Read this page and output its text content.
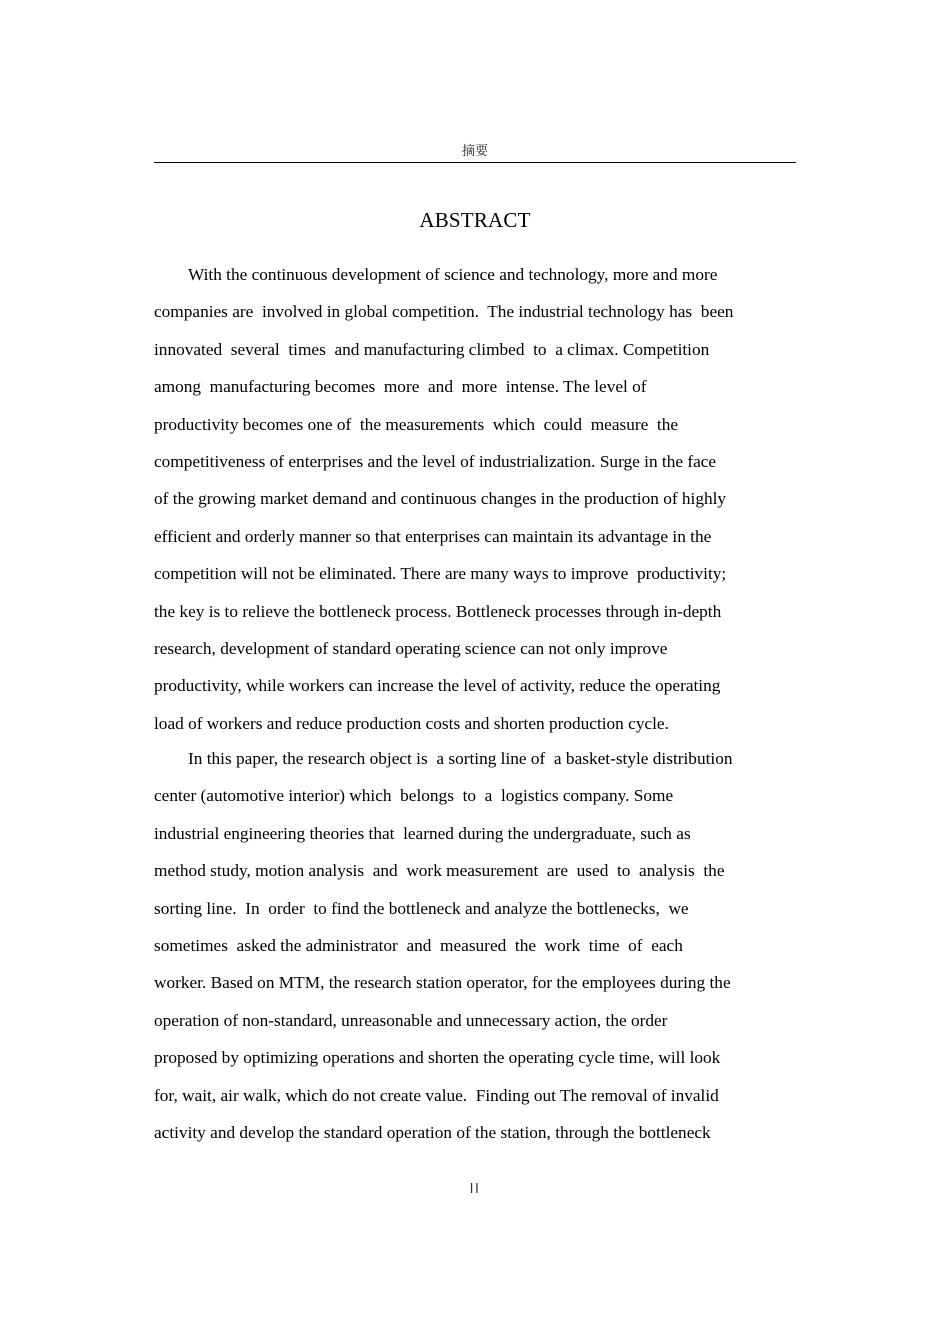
摘要
ABSTRACT
With the continuous development of science and technology, more and more
companies are  involved in global competition.  The industrial technology has  been
innovated  several  times  and manufacturing climbed  to  a climax. Competition
among  manufacturing becomes  more  and  more  intense. The level of
productivity becomes one of  the measurements  which  could  measure  the
competitiveness of enterprises and the level of industrialization. Surge in the face
of the growing market demand and continuous changes in the production of highly
efficient and orderly manner so that enterprises can maintain its advantage in the
competition will not be eliminated. There are many ways to improve  productivity;
the key is to relieve the bottleneck process. Bottleneck processes through in-depth
research, development of standard operating science can not only improve
productivity, while workers can increase the level of activity, reduce the operating
load of workers and reduce production costs and shorten production cycle.
In this paper, the research object is  a sorting line of  a basket-style distribution
center (automotive interior) which  belongs  to  a  logistics company. Some
industrial engineering theories that  learned during the undergraduate, such as
method study, motion analysis  and  work measurement  are  used  to  analysis  the
sorting line.  In  order  to find the bottleneck and analyze the bottlenecks,  we
sometimes  asked the administrator  and  measured  the  work  time  of  each
worker. Based on MTM, the research station operator, for the employees during the
operation of non-standard, unreasonable and unnecessary action, the order
proposed by optimizing operations and shorten the operating cycle time, will look
for, wait, air walk, which do not create value.  Finding out The removal of invalid
activity and develop the standard operation of the station, through the bottleneck
II
